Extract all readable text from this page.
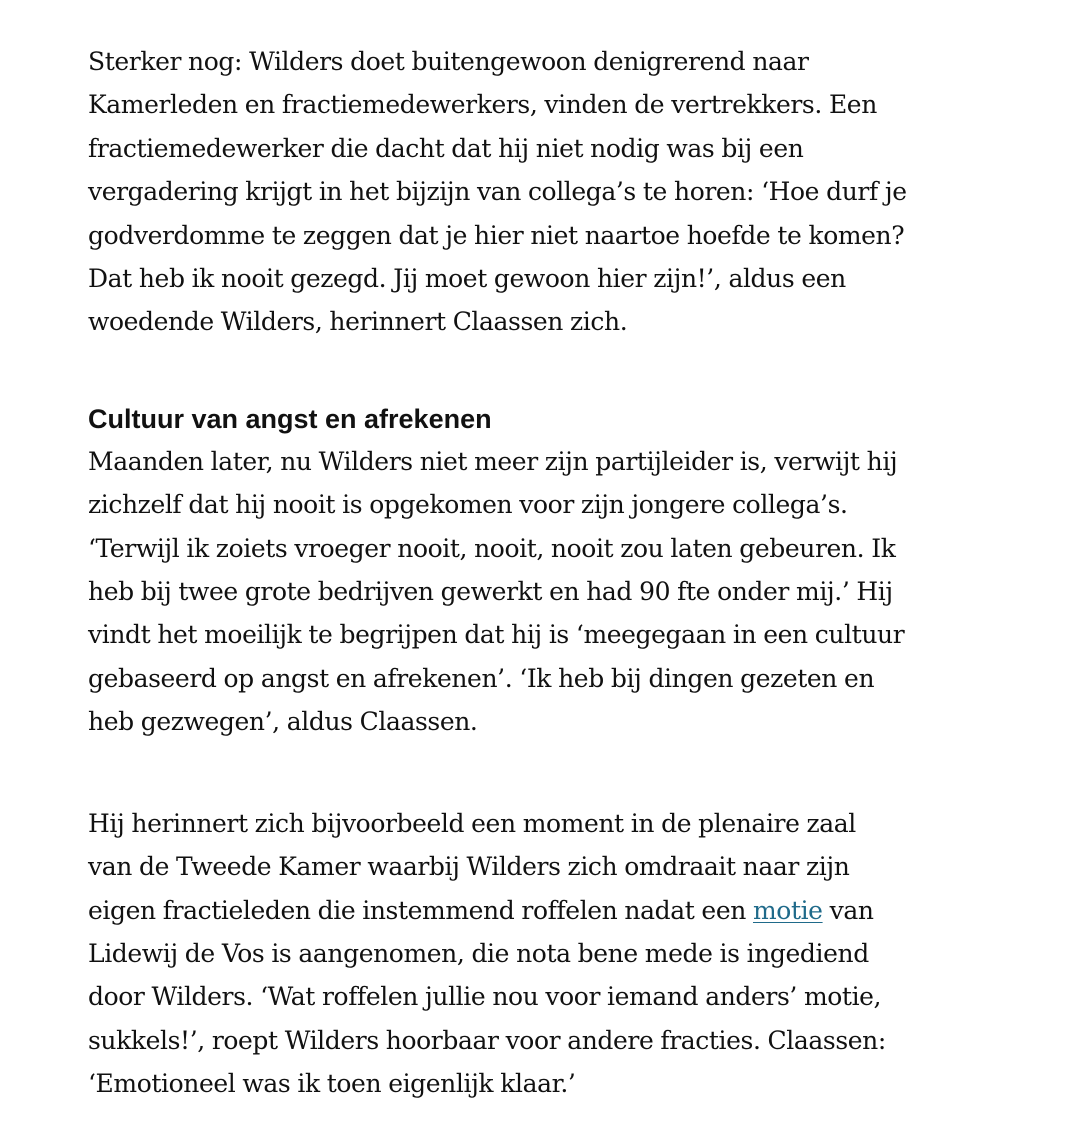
Sterker nog: Wilders doet buitengewoon denigrerend naar
Kamerleden en fractiemedewerkers, vinden de vertrekkers. Een
fractiemedewerker die dacht dat hij niet nodig was bij een
vergadering krijgt in het bijzijn van collega’s te horen: ‘Hoe durf je
godverdomme te zeggen dat je hier niet naartoe hoefde te komen?
Dat heb ik nooit gezegd. Jij moet gewoon hier zijn!’, aldus een
woedende Wilders, herinnert Claassen zich.

Cultuur van angst en afrekenen

Maanden later, nu Wilders niet meer zijn partijleider is, verwijt hij
zichzelf dat hij nooit is opgekomen voor zijn jongere collega’s.
‘Terwijl ik zoiets vroeger nooit, nooit, nooit zou laten gebeuren. Ik
heb bij twee grote bedrijven gewerkt en had 90 fte onder mij.’ Hij
vindt het moeilijk te begrijpen dat hij is ‘meegegaan in een cultuur
gebaseerd op angst en afrekenen’. ‘Ik heb bij dingen gezeten en
heb gezwegen’, aldus Claassen.

Hij herinnert zich bijvoorbeeld een moment in de plenaire zaal
van de Tweede Kamer waarbij Wilders zich omdraait naar zijn
eigen fractieleden die instemmend roffelen nadat een motie van
Lidewij de Vos is aangenomen, die nota bene mede is ingediend
door Wilders. ‘Wat roffelen jullie nou voor iemand anders’ motie,
sukkels!’, roept Wilders hoorbaar voor andere fracties. Claassen:
‘Emotioneel was ik toen eigenlijk klaar.’
